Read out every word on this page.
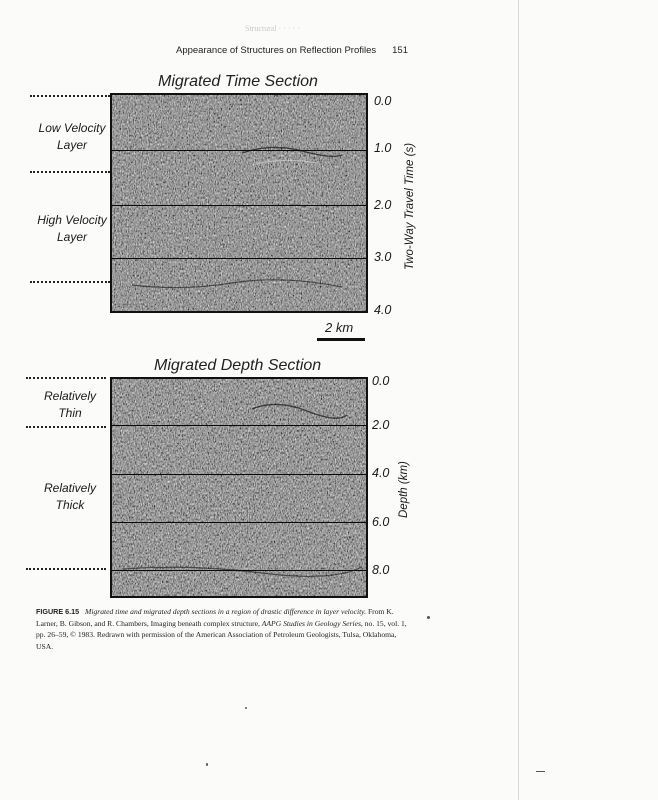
Structural · · · · ·
Appearance of Structures on Reflection Profiles 151
Migrated Time Section
Low Velocity
Layer
High Velocity
Layer
0.0
1.0
2.0
3.0
4.0
Two-Way Travel Time (s)
2 km
Migrated Depth Section
Relatively
Thin
Relatively
Thick
0.0
2.0
4.0
6.0
8.0
Depth (km)
FIGURE 6.15 Migrated time and migrated depth sections in a region of drastic difference in layer velocity. From K. Larner, B. Gibson, and R. Chambers, Imaging beneath complex structure, AAPG Studies in Geology Series, no. 15, vol. 1, pp. 26–59, © 1983. Redrawn with permission of the American Association of Petroleum Geologists, Tulsa, Oklahoma, USA.
